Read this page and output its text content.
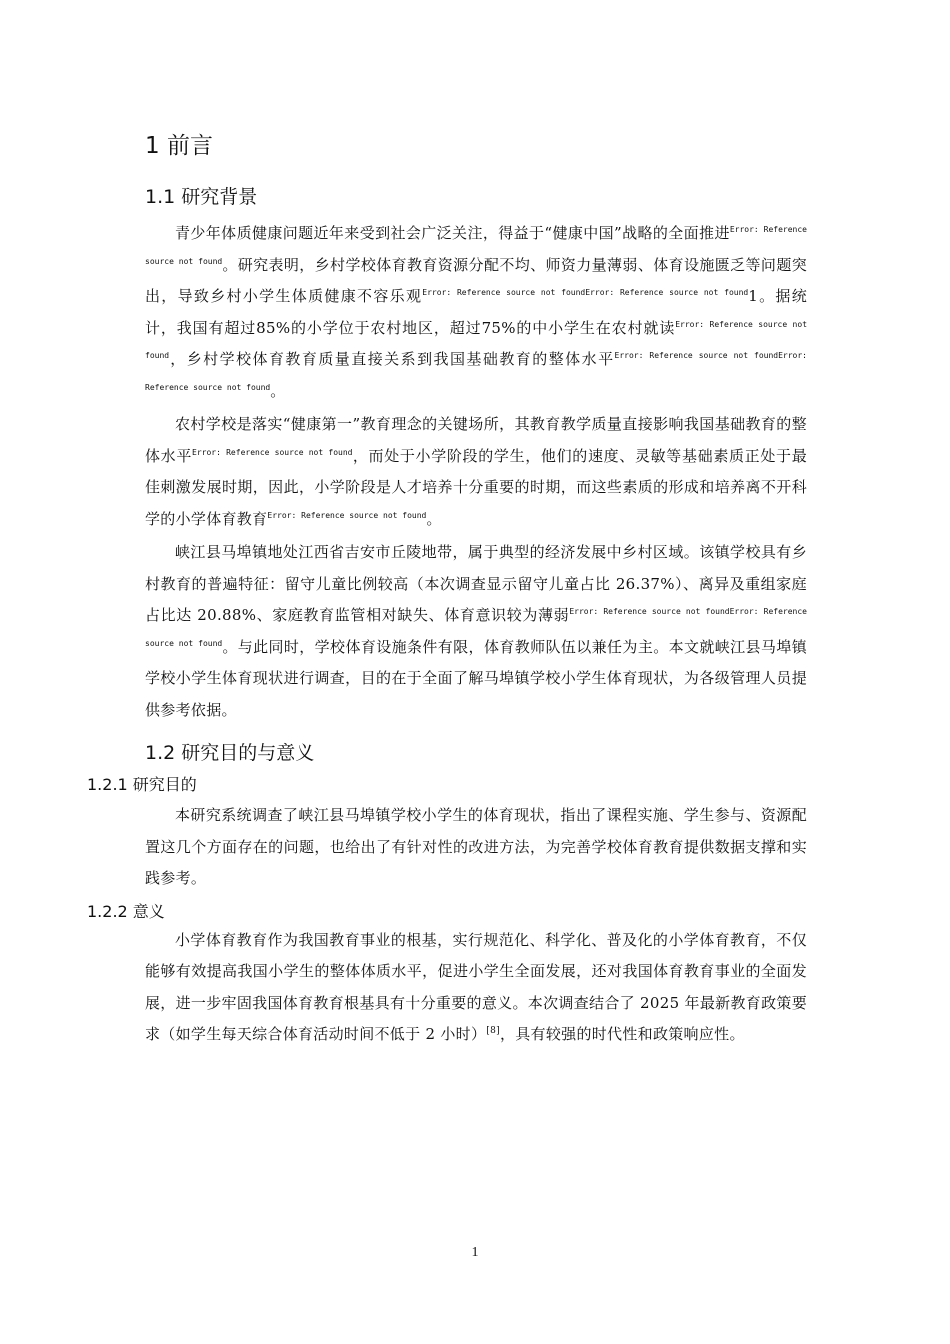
1 前言
1.1 研究背景

青少年体质健康问题近年来受到社会广泛关注，得益于“健康中国”战略的全面推进$^{Error: Reference source not found}$。研究表明，乡村学校体育教育资源分配不均、师资力量薄弱、体育设施匮乏等问题突出，导致乡村小学生体质健康不容乐观$^{Error: Reference source not foundError: Reference source not found}$1。据统计，我国有超过85%的小学位于农村地区，超过75%的中小学生在农村就读$^{Error: Reference source not found}$，乡村学校体育教育质量直接关系到我国基础教育的整体水平$^{Error: Reference source not foundError: Reference source not found}$。

农村学校是落实“健康第一”教育理念的关键场所，其教育教学质量直接影响我国基础教育的整体水平$^{Error: Reference source not found}$，而处于小学阶段的学生，他们的速度、灵敏等基础素质正处于最佳刺激发展时期，因此，小学阶段是人才培养十分重要的时期，而这些素质的形成和培养离不开科学的小学体育教育$^{Error: Reference source not found}$。

峡江县马埠镇地处江西省吉安市丘陵地带，属于典型的经济发展中乡村区域。该镇学校具有乡村教育的普遍特征：留守儿童比例较高（本次调查显示留守儿童占比 26.37%）、离异及重组家庭占比达 20.88%、家庭教育监管相对缺失、体育意识较为薄弱$^{Error: Reference source not foundError: Reference source not found}$。与此同时，学校体育设施条件有限，体育教师队伍以兼任为主。本文就峡江县马埠镇学校小学生体育现状进行调查，目的在于全面了解马埠镇学校小学生体育现状，为各级管理人员提供参考依据。

1.2 研究目的与意义
1.2.1 研究目的

本研究系统调查了峡江县马埠镇学校小学生的体育现状，指出了课程实施、学生参与、资源配置这几个方面存在的问题，也给出了有针对性的改进方法，为完善学校体育教育提供数据支撑和实践参考。

1.2.2 意义

小学体育教育作为我国教育事业的根基，实行规范化、科学化、普及化的小学体育教育，不仅能够有效提高我国小学生的整体体质水平，促进小学生全面发展，还对我国体育教育事业的全面发展，进一步牢固我国体育教育根基具有十分重要的意义。本次调查结合了 2025 年最新教育政策要求（如学生每天综合体育活动时间不低于 2 小时）[8]，具有较强的时代性和政策响应性。

1
